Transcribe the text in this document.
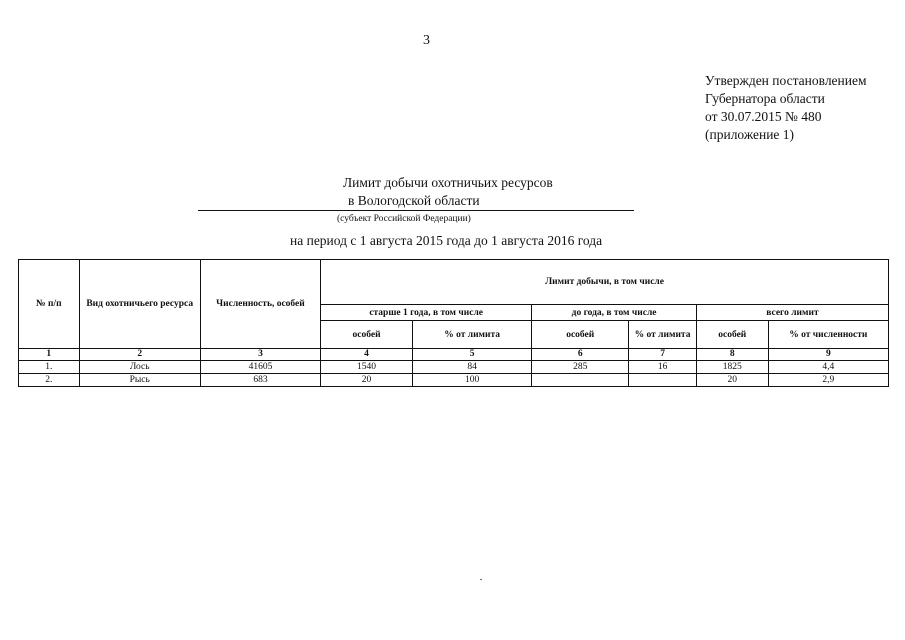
3
Утвержден постановлением
Губернатора области
от 30.07.2015 № 480
(приложение 1)
Лимит добычи охотничьих ресурсов
в Вологодской области
(субъект Российской Федерации)
на период с 1 августа 2015 года до 1 августа 2016 года
№ п/п	Вид охотничьего ресурса	Численность, особей	Лимит добычи, в том числе					
			старше 1 года, в том числе		до года, в том числе		всего лимит	
			особей	% от лимита	особей	% от лимита	особей	% от численности
1	2	3	4	5	6	7	8	9
1.	Лось	41605	1540	84	285	16	1825	4,4
2.	Рысь	683	20	100			20	2,9
